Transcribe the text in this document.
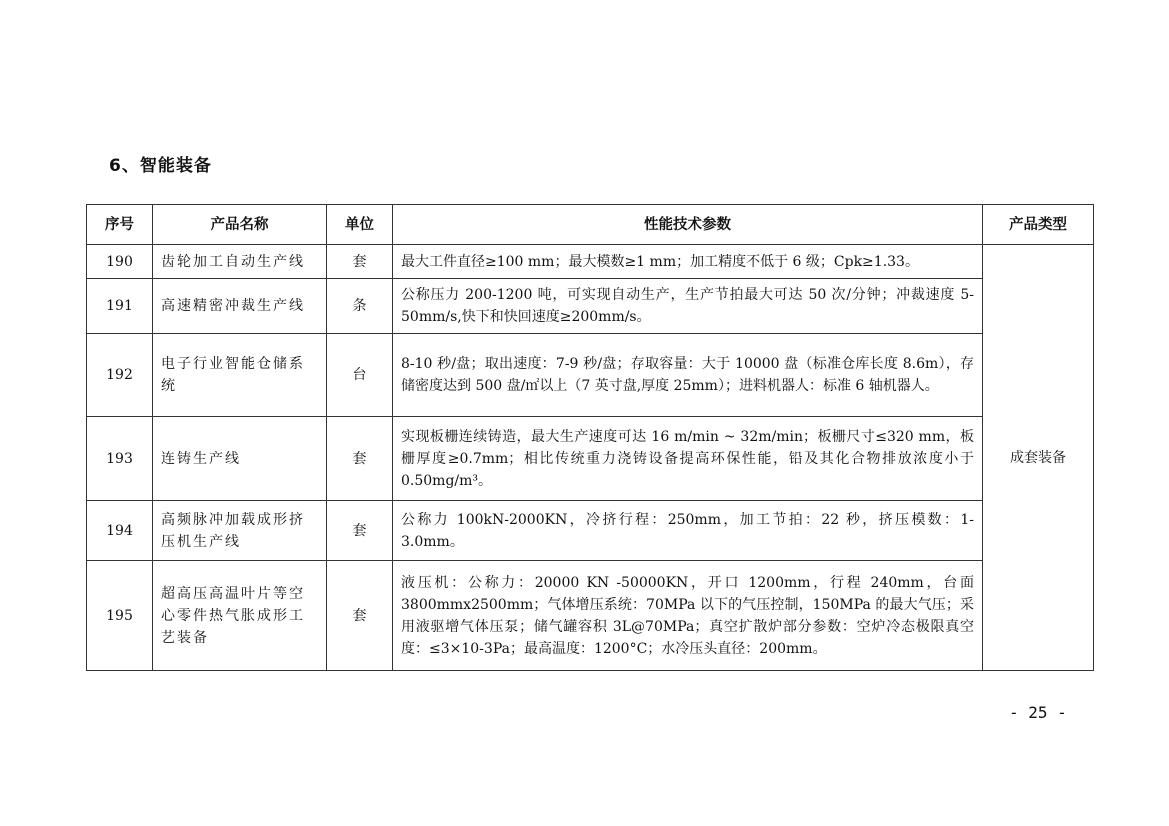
6、智能装备
序号	产品名称	单位	性能技术参数	产品类型
190	齿轮加工自动生产线	套	最大工件直径≥100 mm；最大模数≥1 mm；加工精度不低于 6 级；Cpk≥1.33。	成套装备
191	高速精密冲裁生产线	条	公称压力 200-1200 吨，可实现自动生产，生产节拍最大可达 50 次/分钟；冲裁速度 5-50mm/s,快下和快回速度≥200mm/s。	
192	电子行业智能仓储系统	台	8-10 秒/盘；取出速度：7-9 秒/盘；存取容量：大于 10000 盘（标准仓库长度 8.6m），存储密度达到 500 盘/㎡以上（7 英寸盘,厚度 25mm）；进料机器人：标准 6 轴机器人。	
193	连铸生产线	套	实现板栅连续铸造，最大生产速度可达 16 m/min ~ 32m/min；板栅尺寸≤320 mm，板栅厚度≥0.7mm；相比传统重力浇铸设备提高环保性能，铅及其化合物排放浓度小于 0.50mg/m³。	
194	高频脉冲加载成形挤压机生产线	套	公称力 100kN-2000KN，冷挤行程：250mm，加工节拍：22 秒，挤压模数：1-3.0mm。	
195	超高压高温叶片等空心零件热气胀成形工艺装备	套	液压机：公称力：20000 KN -50000KN，开口 1200mm，行程 240mm，台面 3800mmx2500mm；气体增压系统：70MPa 以下的气压控制，150MPa 的最大气压；采用液驱增气体压泵；储气罐容积 3L@70MPa；真空扩散炉部分参数：空炉冷态极限真空度：≤3×10-3Pa；最高温度：1200°C；水冷压头直径：200mm。	
- 25 -
